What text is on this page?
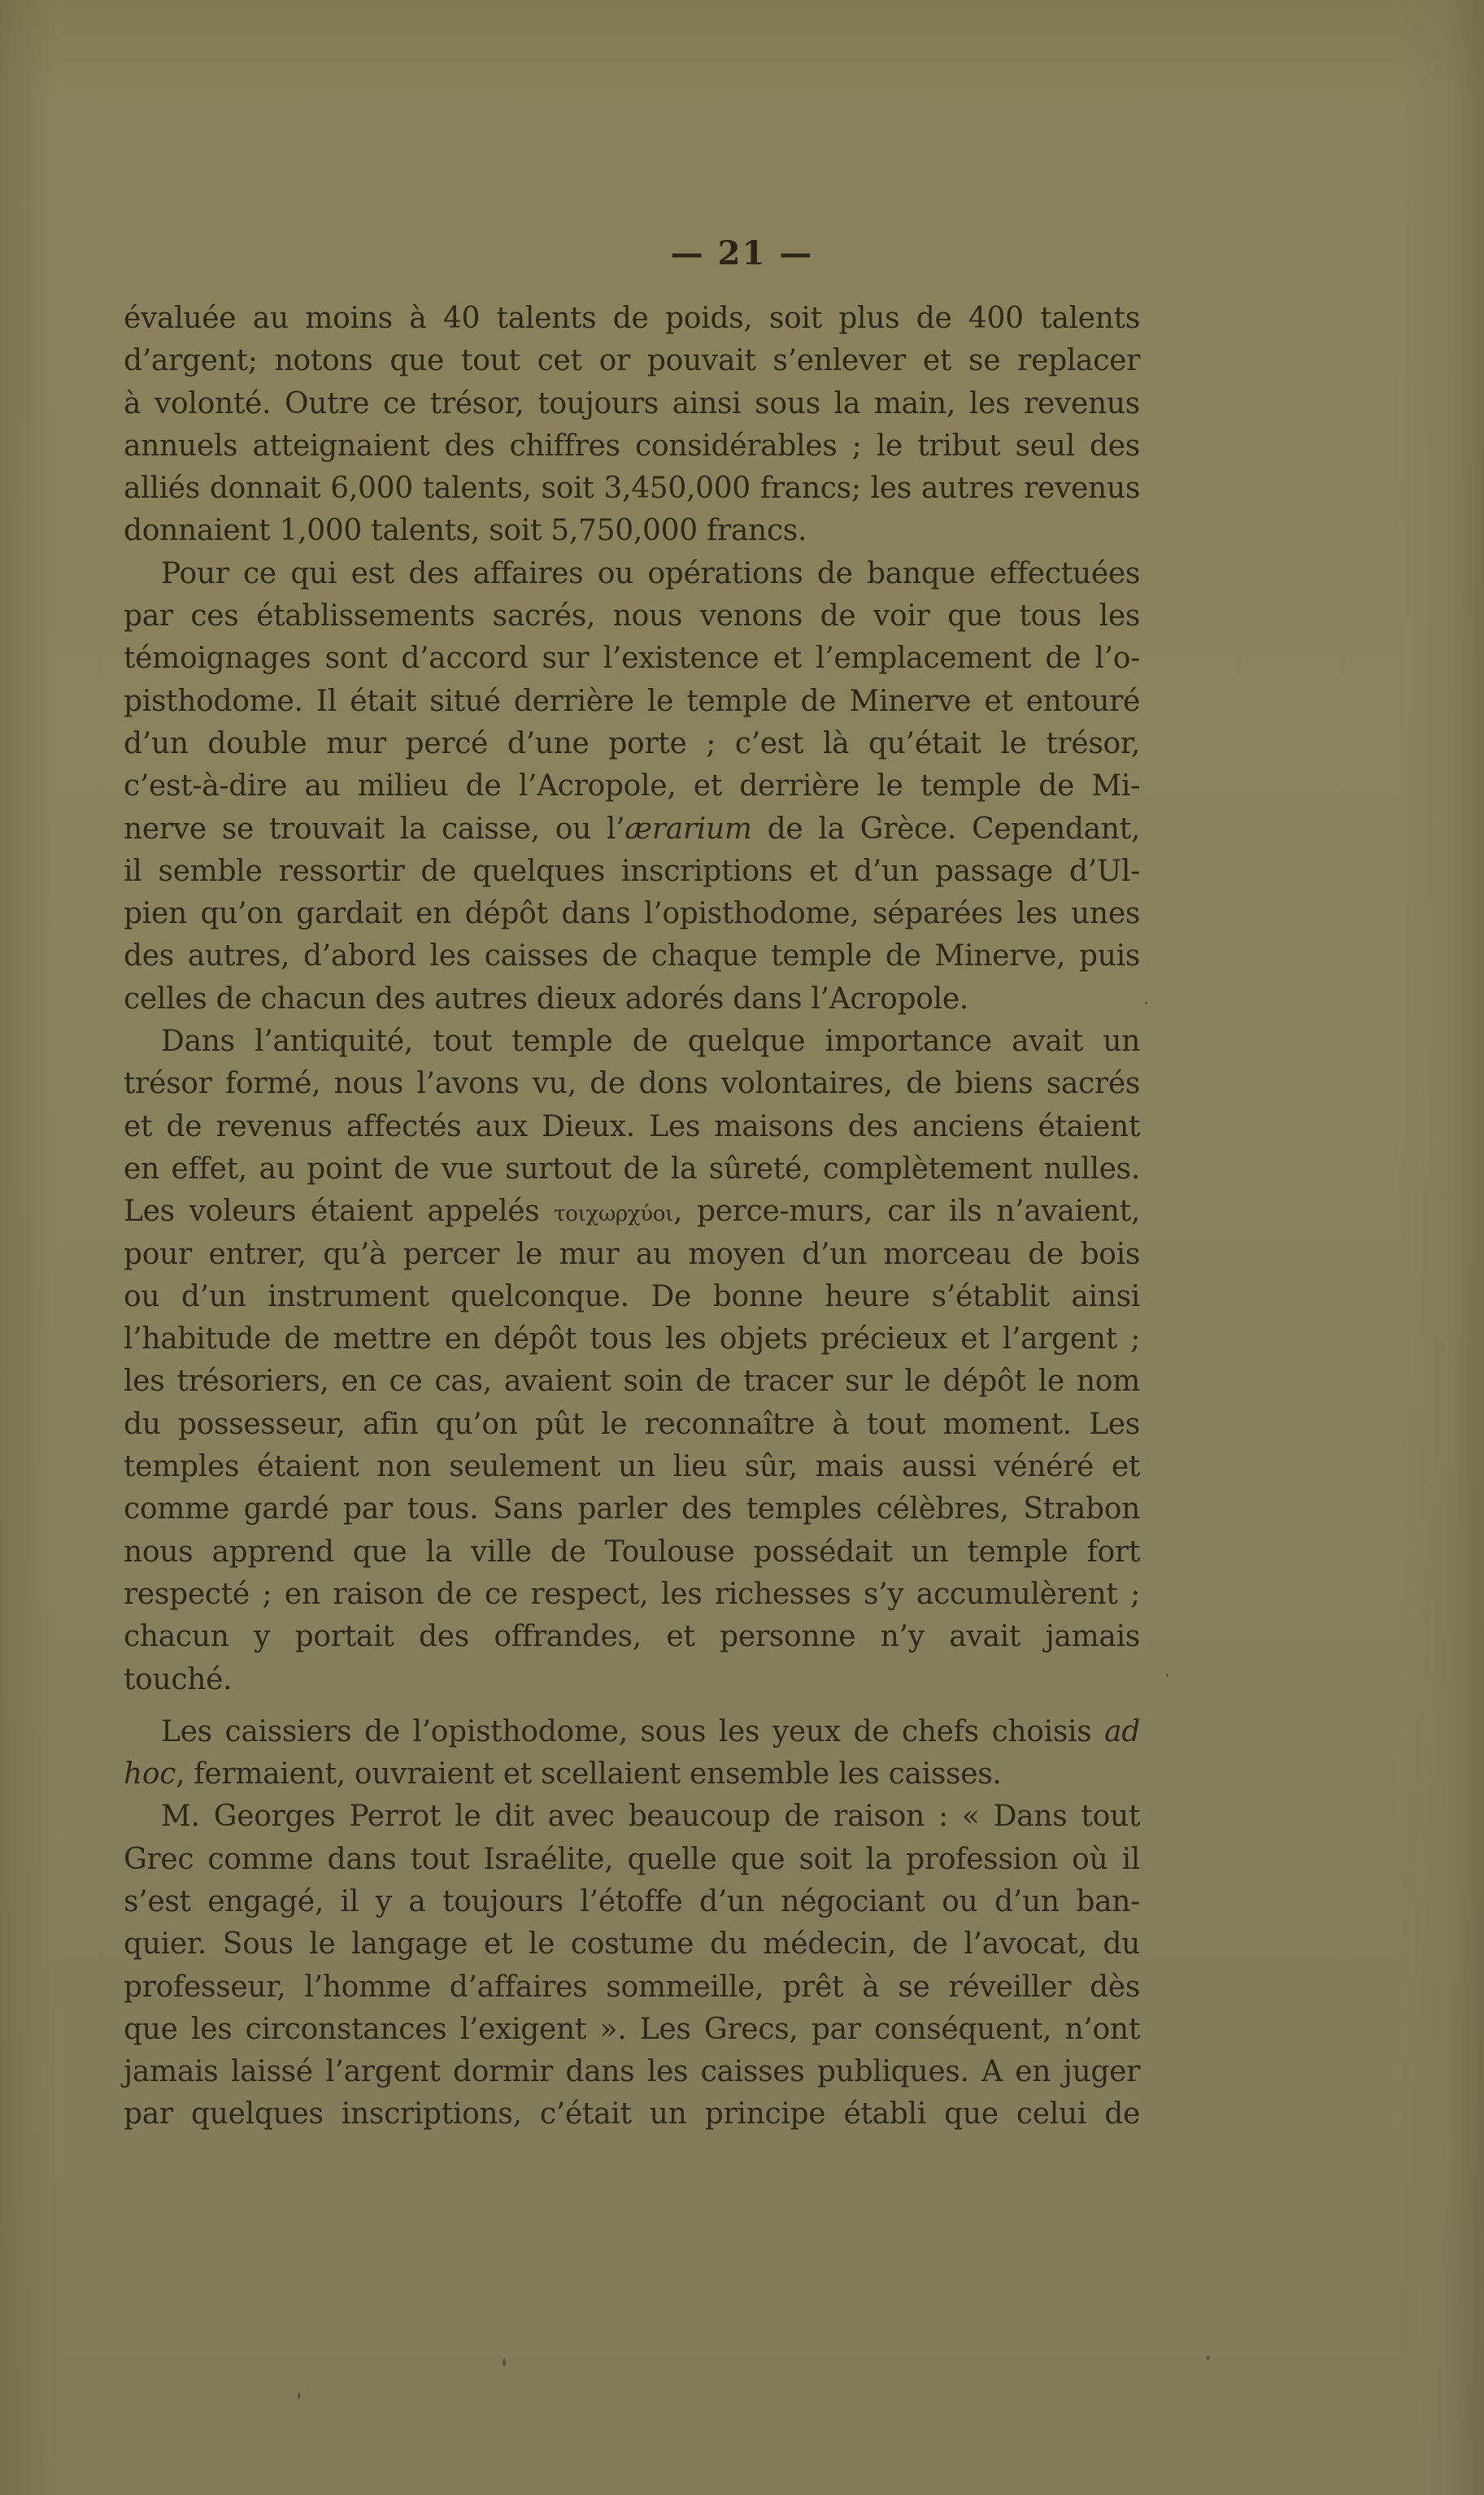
— 21 —
évaluée au moins à 40 talents de poids, soit plus de 400 talents
d’argent; notons que tout cet or pouvait s’enlever et se replacer
à volonté. Outre ce trésor, toujours ainsi sous la main, les revenus
annuels atteignaient des chiffres considérables ; le tribut seul des
alliés donnait 6,000 talents, soit 3,450,000 francs; les autres revenus
donnaient 1,000 talents, soit 5,750,000 francs.
Pour ce qui est des affaires ou opérations de banque effectuées
par ces établissements sacrés, nous venons de voir que tous les
témoignages sont d’accord sur l’existence et l’emplacement de l’o-
pisthodome. Il était situé derrière le temple de Minerve et entouré
d’un double mur percé d’une porte ; c’est là qu’était le trésor,
c’est-à-dire au milieu de l’Acropole, et derrière le temple de Mi-
nerve se trouvait la caisse, ou l’ærarium de la Grèce. Cependant,
il semble ressortir de quelques inscriptions et d’un passage d’Ul-
pien qu’on gardait en dépôt dans l’opisthodome, séparées les unes
des autres, d’abord les caisses de chaque temple de Minerve, puis
celles de chacun des autres dieux adorés dans l’Acropole.
Dans l’antiquité, tout temple de quelque importance avait un
trésor formé, nous l’avons vu, de dons volontaires, de biens sacrés
et de revenus affectés aux Dieux. Les maisons des anciens étaient
en effet, au point de vue surtout de la sûreté, complètement nulles.
Les voleurs étaient appelés τοιχωρχύοι, perce-murs, car ils n’avaient,
pour entrer, qu’à percer le mur au moyen d’un morceau de bois
ou d’un instrument quelconque. De bonne heure s’établit ainsi
l’habitude de mettre en dépôt tous les objets précieux et l’argent ;
les trésoriers, en ce cas, avaient soin de tracer sur le dépôt le nom
du possesseur, afin qu’on pût le reconnaître à tout moment. Les
temples étaient non seulement un lieu sûr, mais aussi vénéré et
comme gardé par tous. Sans parler des temples célèbres, Strabon
nous apprend que la ville de Toulouse possédait un temple fort
respecté ; en raison de ce respect, les richesses s’y accumulèrent ;
chacun y portait des offrandes, et personne n’y avait jamais
touché.
Les caissiers de l’opisthodome, sous les yeux de chefs choisis ad
hoc, fermaient, ouvraient et scellaient ensemble les caisses.
M. Georges Perrot le dit avec beaucoup de raison : « Dans tout
Grec comme dans tout Israélite, quelle que soit la profession où il
s’est engagé, il y a toujours l’étoffe d’un négociant ou d’un ban-
quier. Sous le langage et le costume du médecin, de l’avocat, du
professeur, l’homme d’affaires sommeille, prêt à se réveiller dès
que les circonstances l’exigent ». Les Grecs, par conséquent, n’ont
jamais laissé l’argent dormir dans les caisses publiques. A en juger
par quelques inscriptions, c’était un principe établi que celui de
